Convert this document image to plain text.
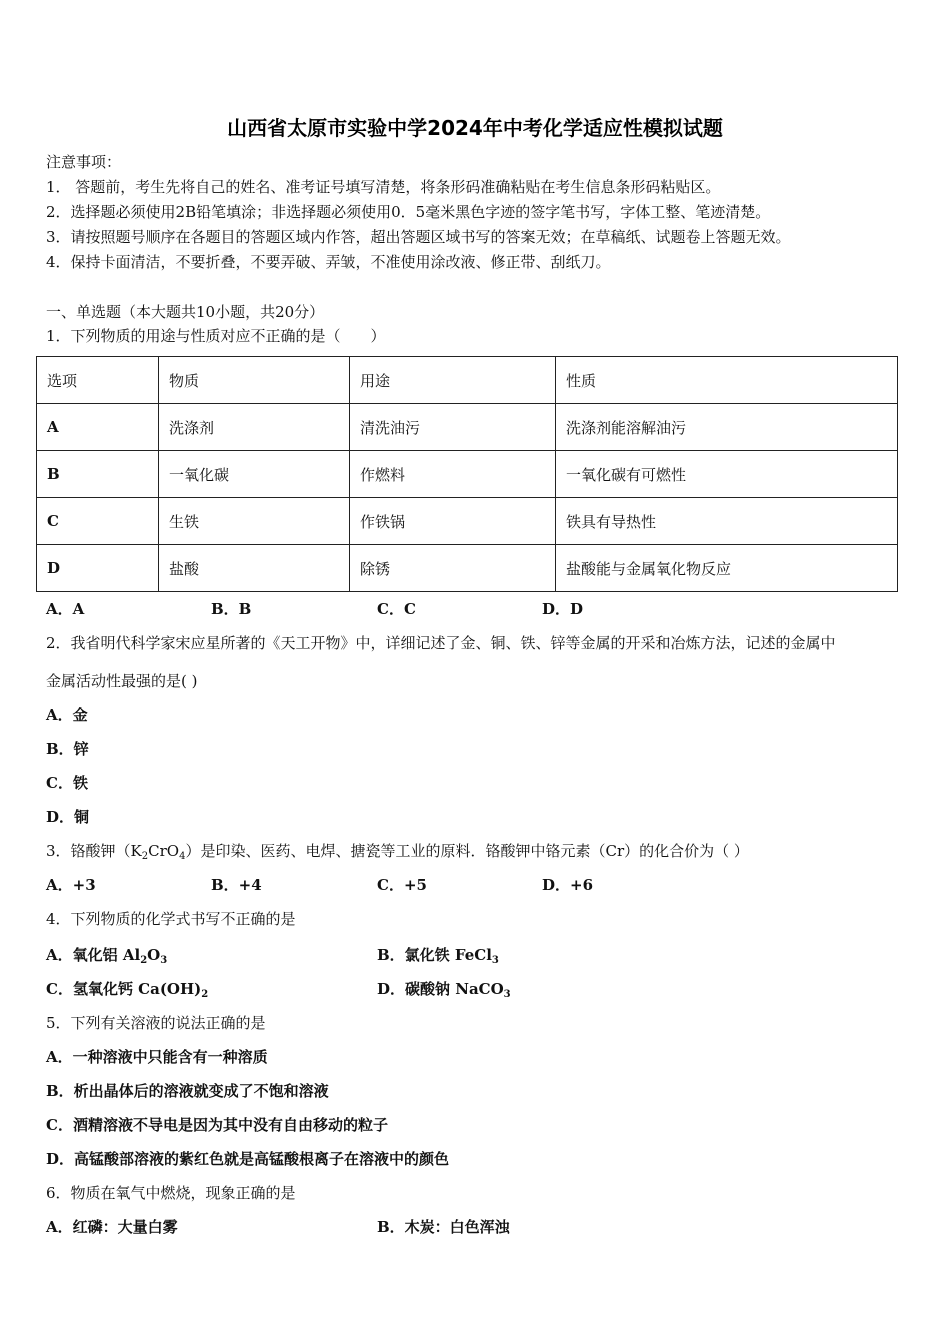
山西省太原市实验中学2024年中考化学适应性模拟试题
注意事项：
1． 答题前，考生先将自己的姓名、准考证号填写清楚，将条形码准确粘贴在考生信息条形码粘贴区。
2．选择题必须使用2B铅笔填涂；非选择题必须使用0．5毫米黑色字迹的签字笔书写，字体工整、笔迹清楚。
3．请按照题号顺序在各题目的答题区域内作答，超出答题区域书写的答案无效；在草稿纸、试题卷上答题无效。
4．保持卡面清洁，不要折叠，不要弄破、弄皱，不准使用涂改液、修正带、刮纸刀。
一、单选题（本大题共10小题，共20分）
1．下列物质的用途与性质对应不正确的是（　　）
选项	物质	用途	性质
A	洗涤剂	清洗油污	洗涤剂能溶解油污
B	一氧化碳	作燃料	一氧化碳有可燃性
C	生铁	作铁锅	铁具有导热性
D	盐酸	除锈	盐酸能与金属氧化物反应
A．A	B．B	C．C	D．D
2．我省明代科学家宋应星所著的《天工开物》中，详细记述了金、铜、铁、锌等金属的开采和冶炼方法，记述的金属中
金属活动性最强的是( )
A．金
B．锌
C．铁
D．铜
3．铬酸钾$(K_2CrO_4)$是印染、医药、电焊、搪瓷等工业的原料．铬酸钾中铬元素（Cr）的化合价为（ ）
A．+3	B．+4	C．+5	D．+6
4．下列物质的化学式书写不正确的是
A．氧化铝 $Al_2O_3$	B．氯化铁 FeCl$_3$
C．氢氧化钙 $Ca(OH)_2$	D．碳酸钠 NaCO$_3$
5．下列有关溶液的说法正确的是
A．一种溶液中只能含有一种溶质
B．析出晶体后的溶液就变成了不饱和溶液
C．酒精溶液不导电是因为其中没有自由移动的粒子
D．高锰酸部溶液的紫红色就是高锰酸根离子在溶液中的颜色
6．物质在氧气中燃烧，现象正确的是
A．红磷：大量白雾	B．木炭：白色浑浊
